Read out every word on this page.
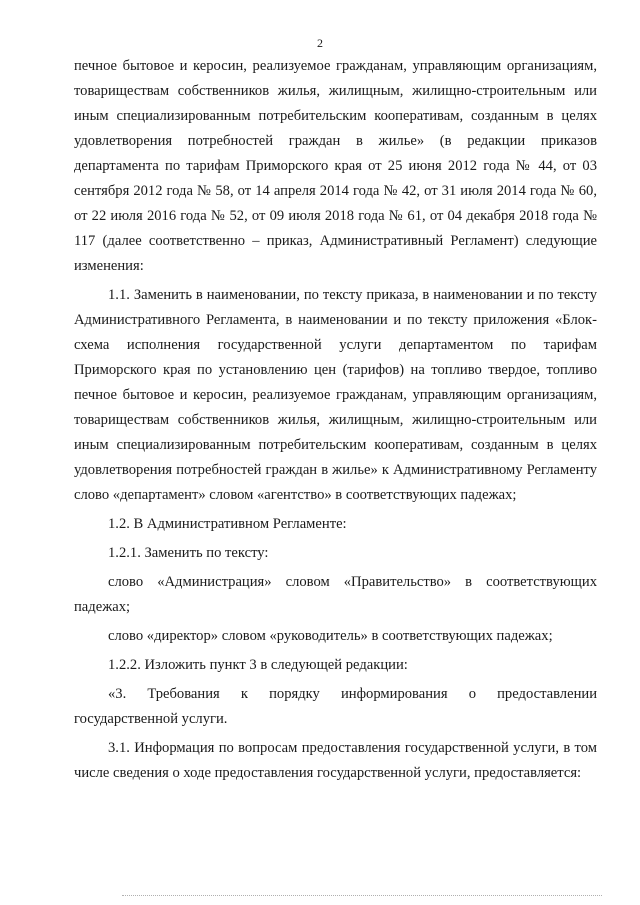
2

печное бытовое и керосин, реализуемое гражданам, управляющим организациям, товариществам собственников жилья, жилищным, жилищно-строительным или иным специализированным потребительским кооперативам, созданным в целях удовлетворения потребностей граждан в жилье» (в редакции приказов департамента по тарифам Приморского края от 25 июня 2012 года № 44, от 03 сентября 2012 года № 58, от 14 апреля 2014 года № 42, от 31 июля 2014 года № 60, от 22 июля 2016 года № 52, от 09 июля 2018 года № 61, от 04 декабря 2018 года № 117 (далее соответственно – приказ, Административный Регламент) следующие изменения:

1.1. Заменить в наименовании, по тексту приказа, в наименовании и по тексту Административного Регламента, в наименовании и по тексту приложения «Блок-схема исполнения государственной услуги департаментом по тарифам Приморского края по установлению цен (тарифов) на топливо твердое, топливо печное бытовое и керосин, реализуемое гражданам, управляющим организациям, товариществам собственников жилья, жилищным, жилищно-строительным или иным специализированным потребительским кооперативам, созданным в целях удовлетворения потребностей граждан в жилье» к Административному Регламенту слово «департамент» словом «агентство» в соответствующих падежах;

1.2. В Административном Регламенте:

1.2.1. Заменить по тексту:

слово «Администрация» словом «Правительство» в соответствующих падежах;

слово «директор» словом «руководитель» в соответствующих падежах;

1.2.2. Изложить пункт 3 в следующей редакции:

«3. Требования к порядку информирования о предоставлении государственной услуги.

3.1. Информация по вопросам предоставления государственной услуги, в том числе сведения о ходе предоставления государственной услуги, предоставляется:
